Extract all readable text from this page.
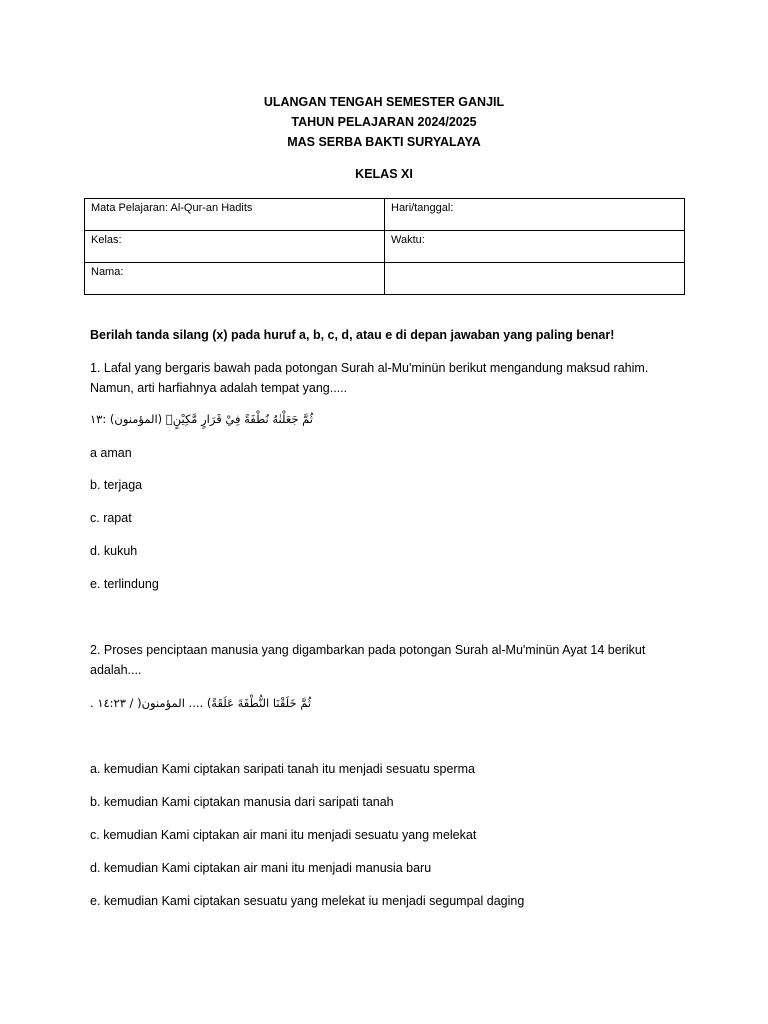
ULANGAN TENGAH SEMESTER GANJIL
TAHUN PELAJARAN 2024/2025
MAS SERBA BAKTI SURYALAYA
KELAS XI
Mata Pelajaran: Al-Qur-an Hadits	Hari/tanggal:
Kelas:	Waktu:
Nama:	
Berilah tanda silang (x) pada huruf a, b, c, d, atau e di depan jawaban yang paling benar!
1. Lafal yang bergaris bawah pada potongan Surah al-Mu'minün berikut mengandung maksud rahim.
Namun, arti harfiahnya adalah tempat yang.....
ثُمَّ جَعَلْنٰهُ نُطْفَةً فِيْ قَرَارٍ مَّكِيْنٍۖ (المؤمنون) :١٣
a aman
b. terjaga
c. rapat
d. kukuh
e. terlindung
2. Proses penciptaan manusia yang digambarkan pada potongan Surah al-Mu'minün Ayat 14 berikut
adalah....
ثُمَّ خَلَقْنَا النُّطْفَةَ عَلَقَةً) .... المؤمنون( / ١٤:٢٣ .
a. kemudian Kami ciptakan saripati tanah itu menjadi sesuatu sperma
b. kemudian Kami ciptakan manusia dari saripati tanah
c. kemudian Kami ciptakan air mani itu menjadi sesuatu yang melekat
d. kemudian Kami ciptakan air mani itu menjadi manusia baru
e. kemudian Kami ciptakan sesuatu yang melekat iu menjadi segumpal daging
